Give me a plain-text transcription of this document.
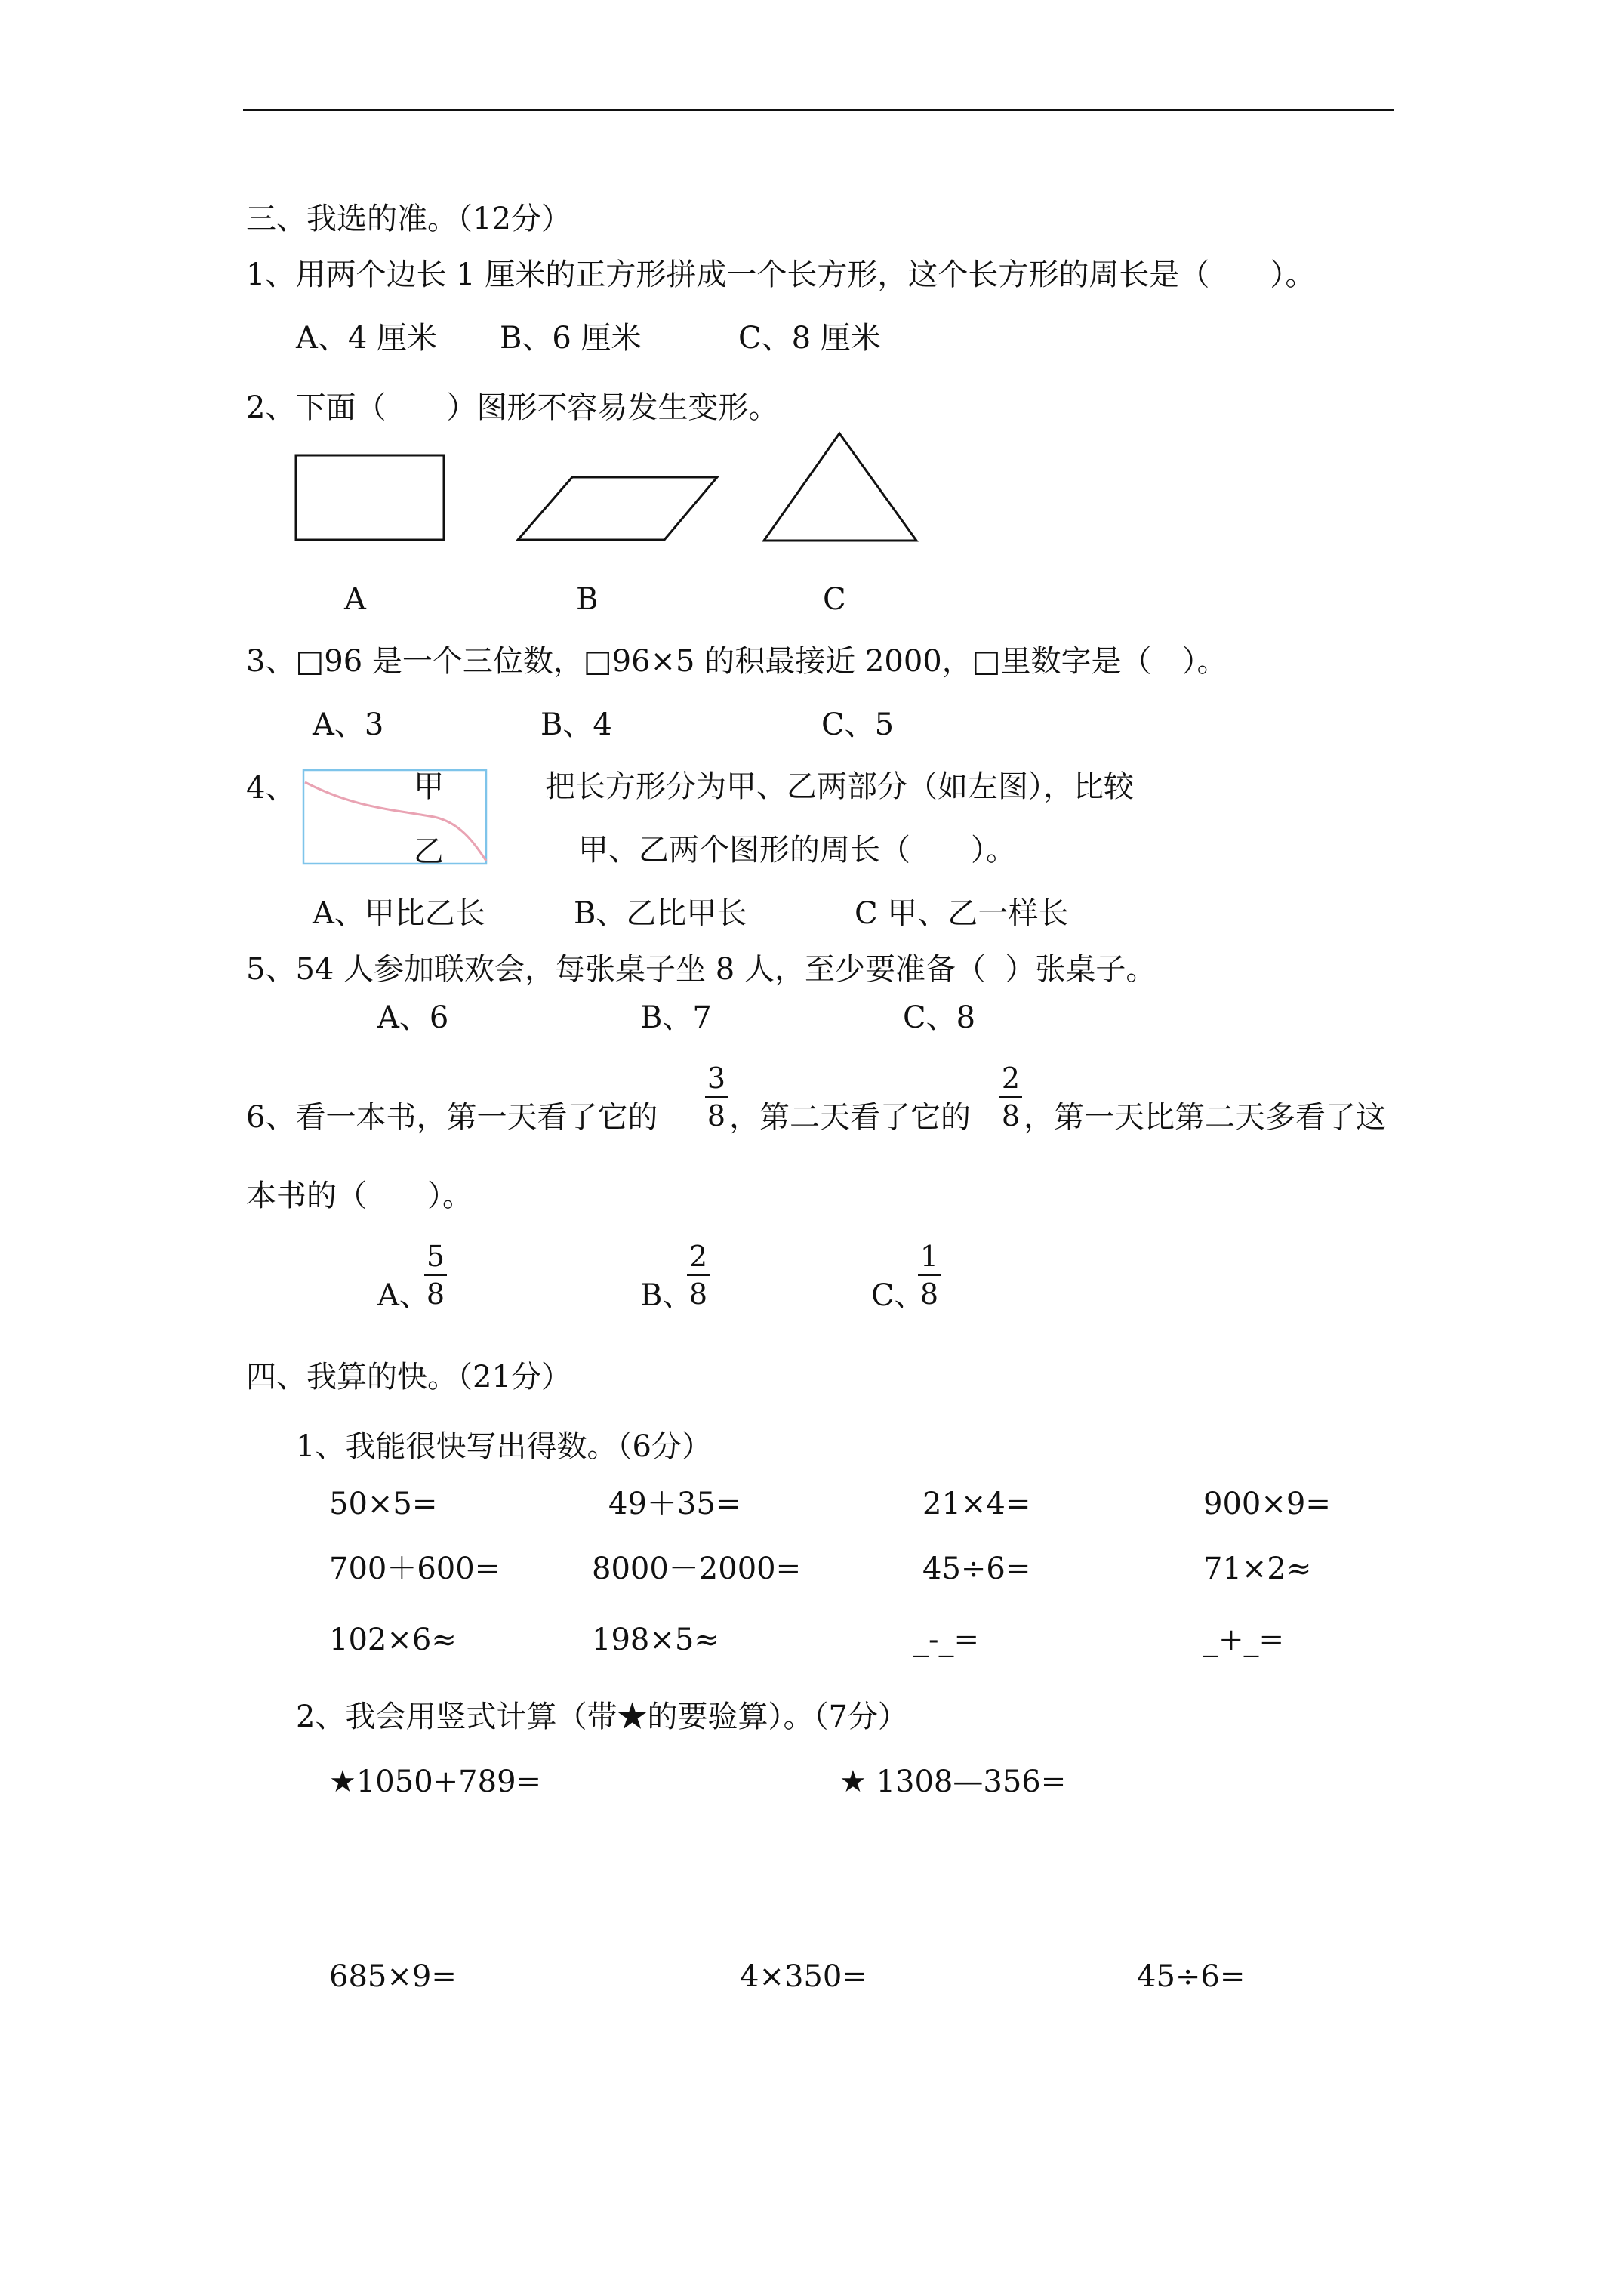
三、我选的准。（12分）
1、用两个边长 1 厘米的正方形拼成一个长方形，这个长方形的周长是（　　）。
A、4 厘米 B、6 厘米	C、8 厘米
2、下面（　　）图形不容易发生变形。
A	B	C
3、□96 是一个三位数，□96×5 的积最接近 2000，□里数字是（　）。
A、3	B、4	C、5
4、	甲
乙
把长方形分为甲、乙两部分（如左图），比较
甲、乙两个图形的周长（　　）。
A、甲比乙长	B、乙比甲长	C 甲、乙一样长
5、54 人参加联欢会，每张桌子坐 8 人，至少要准备（  ）张桌子。
A、6	B、7	C、8
6、看一本书，第一天看了它的
3
8 ，第二天看了它的
2
8 ，第一天比第二天多看了这
本书的（　　）。
A、
5
8	B、
2
8	C、
1
8
四、我算的快。（21分）
1、我能很快写出得数。（6分）
50×5=	49＋35=	21×4=	900×9=
700＋600=	8000－2000=	45÷6=	71×2≈
102×6≈	198×5≈	_-_=	_+_=
2、我会用竖式计算（带★的要验算）。（7分）
★1050+789=	★ 1308—356=
685×9=	4×350=	45÷6=
